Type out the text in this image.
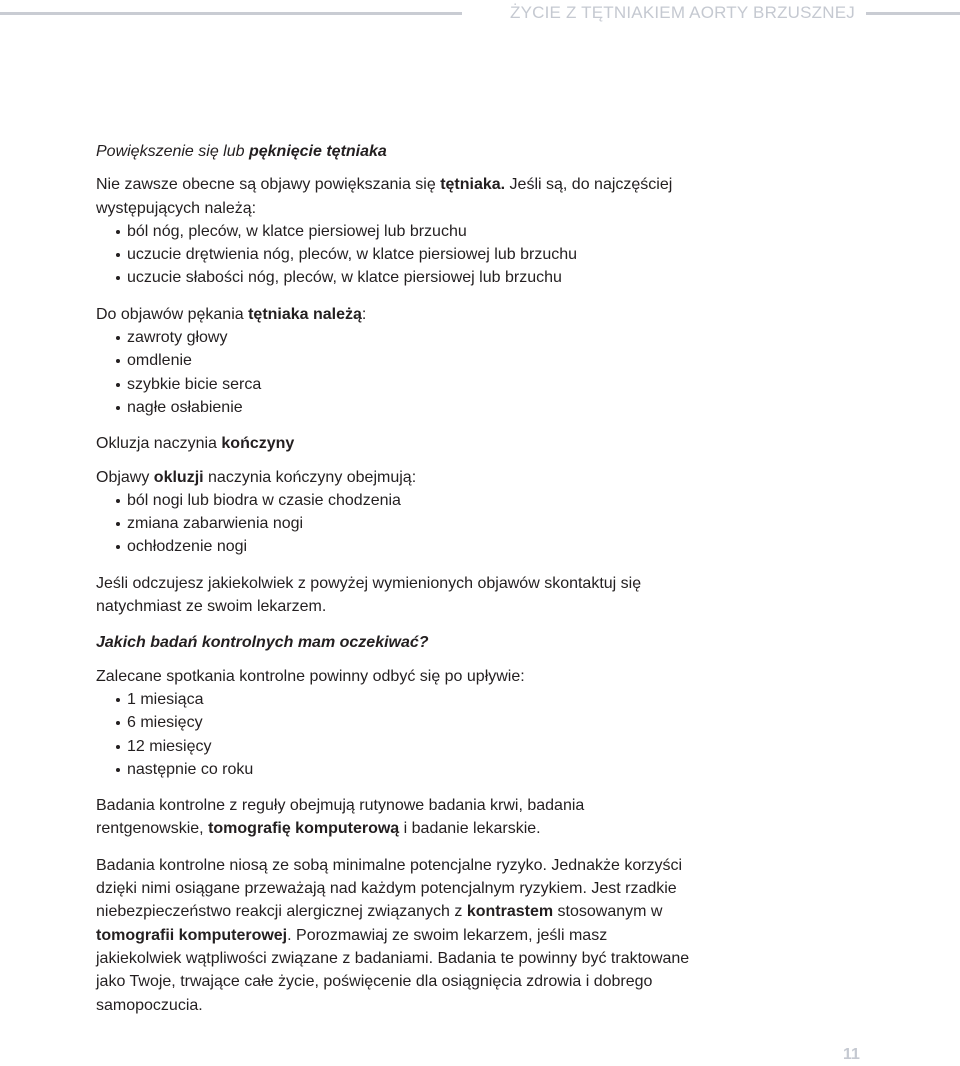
ŻYCIE Z TĘTNIAKIEM AORTY BRZUSZNEJ

Powiększenie się lub pęknięcie tętniaka

Nie zawsze obecne są objawy powiększania się tętniaka. Jeśli są, do najczęściej występujących należą:

ból nóg, pleców, w klatce piersiowej lub brzuchu
uczucie drętwienia nóg, pleców, w klatce piersiowej lub brzuchu
uczucie słabości nóg, pleców, w klatce piersiowej lub brzuchu

Do objawów pękania tętniaka należą:

zawroty głowy
omdlenie
szybkie bicie serca
nagłe osłabienie

Okluzja naczynia kończyny

Objawy okluzji naczynia kończyny obejmują:

ból nogi lub biodra w czasie chodzenia
zmiana zabarwienia nogi
ochłodzenie nogi

Jeśli odczujesz jakiekolwiek z powyżej wymienionych objawów skontaktuj się natychmiast ze swoim lekarzem.

Jakich badań kontrolnych mam oczekiwać?

Zalecane spotkania kontrolne powinny odbyć się po upływie:

1 miesiąca
6 miesięcy
12 miesięcy
następnie co roku

Badania kontrolne z reguły obejmują rutynowe badania krwi, badania rentgenowskie, tomografię komputerową i badanie lekarskie.

Badania kontrolne niosą ze sobą minimalne potencjalne ryzyko. Jednakże korzyści dzięki nimi osiągane przeważają nad każdym potencjalnym ryzykiem. Jest rzadkie niebezpieczeństwo reakcji alergicznej związanych z kontrastem stosowanym w tomografii komputerowej. Porozmawiaj ze swoim lekarzem, jeśli masz jakiekolwiek wątpliwości związane z badaniami. Badania te powinny być traktowane jako Twoje, trwające całe życie, poświęcenie dla osiągnięcia zdrowia i dobrego samopoczucia.

11
